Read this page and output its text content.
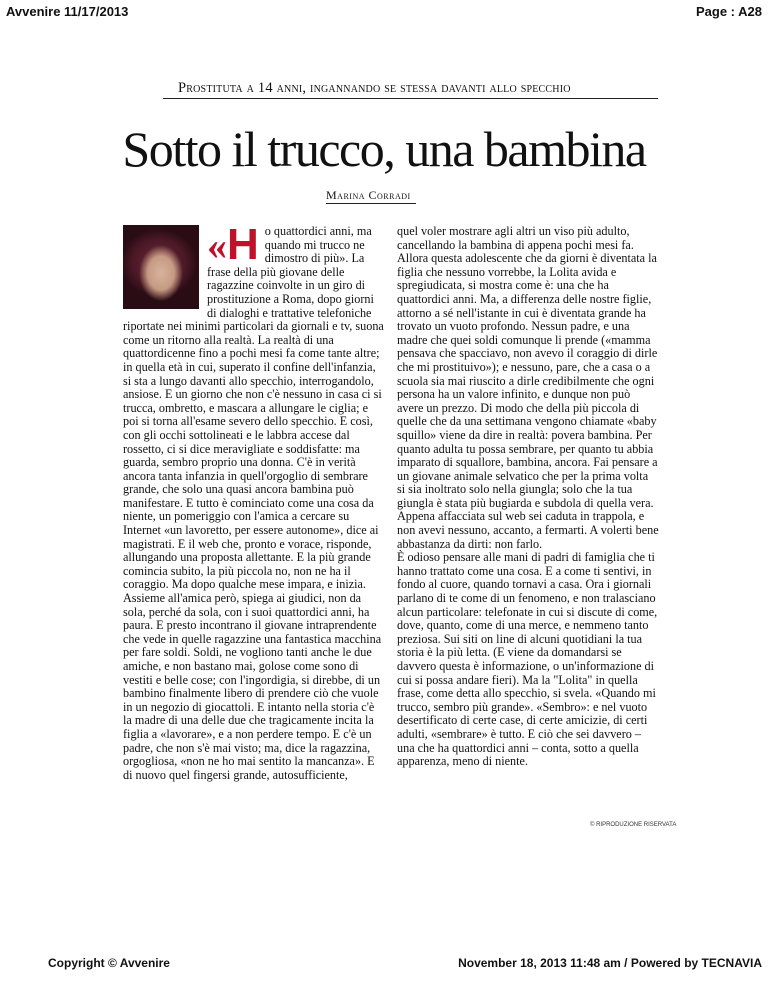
Avvenire 11/17/2013	Page : A28
Prostituta a 14 anni, ingannando se stessa davanti allo specchio
Sotto il trucco, una bambina
Marina Corradi
« H o quattordici anni, ma quando mi trucco ne dimostro di più». La frase della più giovane delle ragazzine coinvolte in un giro di prostituzione a Roma, dopo giorni di dialoghi e trattative telefoniche riportate nei minimi particolari da giornali e tv, suona come un ritorno alla realtà. La realtà di una quattordicenne fino a pochi mesi fa come tante altre; in quella età in cui, superato il confine dell'infanzia, si sta a lungo davanti allo specchio, interrogandolo, ansiose. E un giorno che non c'è nessuno in casa ci si trucca, ombretto, e mascara a allungare le ciglia; e poi si torna all'esame severo dello specchio. E così, con gli occhi sottolineati e le labbra accese dal rossetto, ci si dice meravigliate e soddisfatte: ma guarda, sembro proprio una donna. C'è in verità ancora tanta infanzia in quell'orgoglio di sembrare grande, che solo una quasi ancora bambina può manifestare. E tutto è cominciato come una cosa da niente, un pomeriggio con l'amica a cercare su Internet «un lavoretto, per essere autonome», dice ai magistrati. E il web che, pronto e vorace, risponde, allungando una proposta allettante. E la più grande comincia subito, la più piccola no, non ne ha il coraggio. Ma dopo qualche mese impara, e inizia. Assieme all'amica però, spiega ai giudici, non da sola, perché da sola, con i suoi quattordici anni, ha paura. E presto incontrano il giovane intraprendente che vede in quelle ragazzine una fantastica macchina per fare soldi. Soldi, ne vogliono tanti anche le due amiche, e non bastano mai, golose come sono di vestiti e belle cose; con l'ingordigia, si direbbe, di un bambino finalmente libero di prendere ciò che vuole in un negozio di giocattoli. E intanto nella storia c'è la madre di una delle due che tragicamente incita la figlia a «lavorare», e a non perdere tempo. E c'è un padre, che non s'è mai visto; ma, dice la ragazzina, orgogliosa, «non ne ho mai sentito la mancanza». E di nuovo quel fingersi grande, autosufficiente,

quel voler mostrare agli altri un viso più adulto, cancellando la bambina di appena pochi mesi fa. Allora questa adolescente che da giorni è diventata la figlia che nessuno vorrebbe, la Lolita avida e spregiudicata, si mostra come è: una che ha quattordici anni. Ma, a differenza delle nostre figlie, attorno a sé nell'istante in cui è diventata grande ha trovato un vuoto profondo. Nessun padre, e una madre che quei soldi comunque li prende («mamma pensava che spacciavo, non avevo il coraggio di dirle che mi prostituivo»); e nessuno, pare, che a casa o a scuola sia mai riuscito a dirle credibilmente che ogni persona ha un valore infinito, e dunque non può avere un prezzo. Di modo che della più piccola di quelle che da una settimana vengono chiamate «baby squillo» viene da dire in realtà: povera bambina. Per quanto adulta tu possa sembrare, per quanto tu abbia imparato di squallore, bambina, ancora. Fai pensare a un giovane animale selvatico che per la prima volta si sia inoltrato solo nella giungla; solo che la tua giungla è stata più bugiarda e subdola di quella vera. Appena affacciata sul web sei caduta in trappola, e non avevi nessuno, accanto, a fermarti. A volerti bene abbastanza da dirti: non farlo.

È odioso pensare alle mani di padri di famiglia che ti hanno trattato come una cosa. E a come ti sentivi, in fondo al cuore, quando tornavi a casa. Ora i giornali parlano di te come di un fenomeno, e non tralasciano alcun particolare: telefonate in cui si discute di come, dove, quanto, come di una merce, e nemmeno tanto preziosa. Sui siti on line di alcuni quotidiani la tua storia è la più letta. (E viene da domandarsi se davvero questa è informazione, o un'informazione di cui si possa andare fieri). Ma la "Lolita" in quella frase, come detta allo specchio, si svela. «Quando mi trucco, sembro più grande». «Sembro»: e nel vuoto desertificato di certe case, di certe amicizie, di certi adulti, «sembrare» è tutto. E ciò che sei davvero – una che ha quattordici anni – conta, sotto a quella apparenza, meno di niente.

© RIPRODUZIONE RISERVATA
Copyright © Avvenire	November 18, 2013 11:48 am / Powered by TECNAVIA
